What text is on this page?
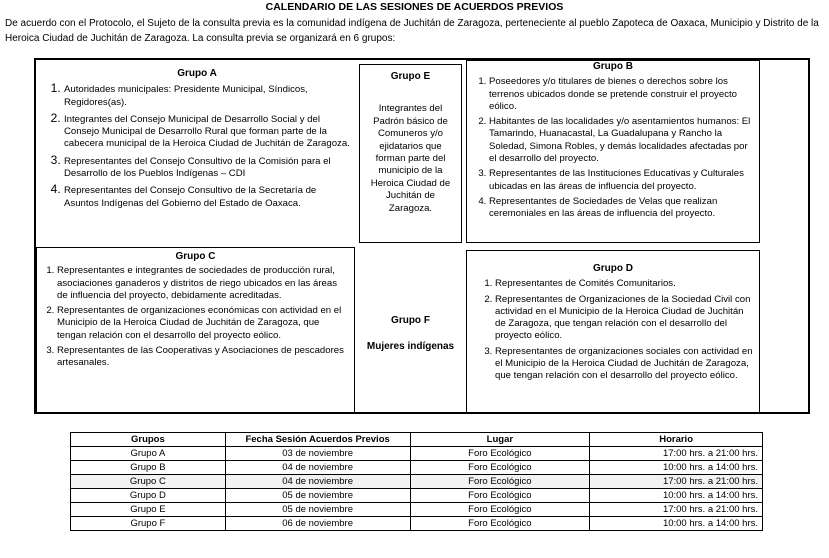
CALENDARIO DE LAS SESIONES DE ACUERDOS PREVIOS
De acuerdo con el Protocolo, el Sujeto de la consulta previa es la comunidad indígena de Juchitán de Zaragoza, perteneciente al pueblo Zapoteca de Oaxaca, Municipio y Distrito de la Heroica Ciudad de Juchitán de Zaragoza. La consulta previa se organizará en 6 grupos:
Grupo A
1. Autoridades municipales: Presidente Municipal, Síndicos, Regidores(as).
2. Integrantes del Consejo Municipal de Desarrollo Social y del Consejo Municipal de Desarrollo Rural que forman parte de la cabecera municipal de la Heroica Ciudad de Juchitán de Zaragoza.
3. Representantes del Consejo Consultivo de la Comisión para el Desarrollo de los Pueblos Indígenas – CDI
4. Representantes del Consejo Consultivo de la Secretaría de Asuntos Indígenas del Gobierno del Estado de Oaxaca.
Grupo E
Integrantes del Padrón básico de Comuneros y/o ejidatarios que forman parte del municipio de la Heroica Ciudad de Juchitán de Zaragoza.
Grupo B
1. Poseedores y/o titulares de bienes o derechos sobre los terrenos ubicados donde se pretende construir el proyecto eólico.
2. Habitantes de las localidades y/o asentamientos humanos: El Tamarindo, Huanacastal, La Guadalupana y Rancho la Soledad, Simona Robles, y demás localidades afectadas por el desarrollo del proyecto.
3. Representantes de las Instituciones Educativas y Culturales ubicadas en las áreas de influencia del proyecto.
4. Representantes de Sociedades de Velas que realizan ceremoniales en las áreas de influencia del proyecto.
Grupo C
1. Representantes e integrantes de sociedades de producción rural, asociaciones ganaderos y distritos de riego ubicados en las áreas de influencia del proyecto, debidamente acreditadas.
2. Representantes de organizaciones económicas con actividad en el Municipio de la Heroica Ciudad de Juchitán de Zaragoza, que tengan relación con el desarrollo del proyecto eólico.
3. Representantes de las Cooperativas y Asociaciones de pescadores artesanales.
Grupo F
Mujeres indígenas
Grupo D
1. Representantes de Comités Comunitarios.
2. Representantes de Organizaciones de la Sociedad Civil con actividad en el Municipio de la Heroica Ciudad de Juchitán de Zaragoza, que tengan relación con el desarrollo del proyecto eólico.
3. Representantes de organizaciones sociales con actividad en el Municipio de la Heroica Ciudad de Juchitán de Zaragoza, que tengan relación con el desarrollo del proyecto eólico.
Grupos	Fecha Sesión Acuerdos Previos	Lugar	Horario
Grupo A	03 de noviembre	Foro Ecológico	17:00 hrs. a 21:00 hrs.
Grupo B	04 de noviembre	Foro Ecológico	10:00 hrs. a 14:00 hrs.
Grupo C	04 de noviembre	Foro Ecológico	17:00 hrs. a 21:00 hrs.
Grupo D	05 de noviembre	Foro Ecológico	10:00 hrs. a 14:00 hrs.
Grupo E	05 de noviembre	Foro Ecológico	17:00 hrs. a 21:00 hrs.
Grupo F	06 de noviembre	Foro Ecológico	10:00 hrs. a 14:00 hrs.
